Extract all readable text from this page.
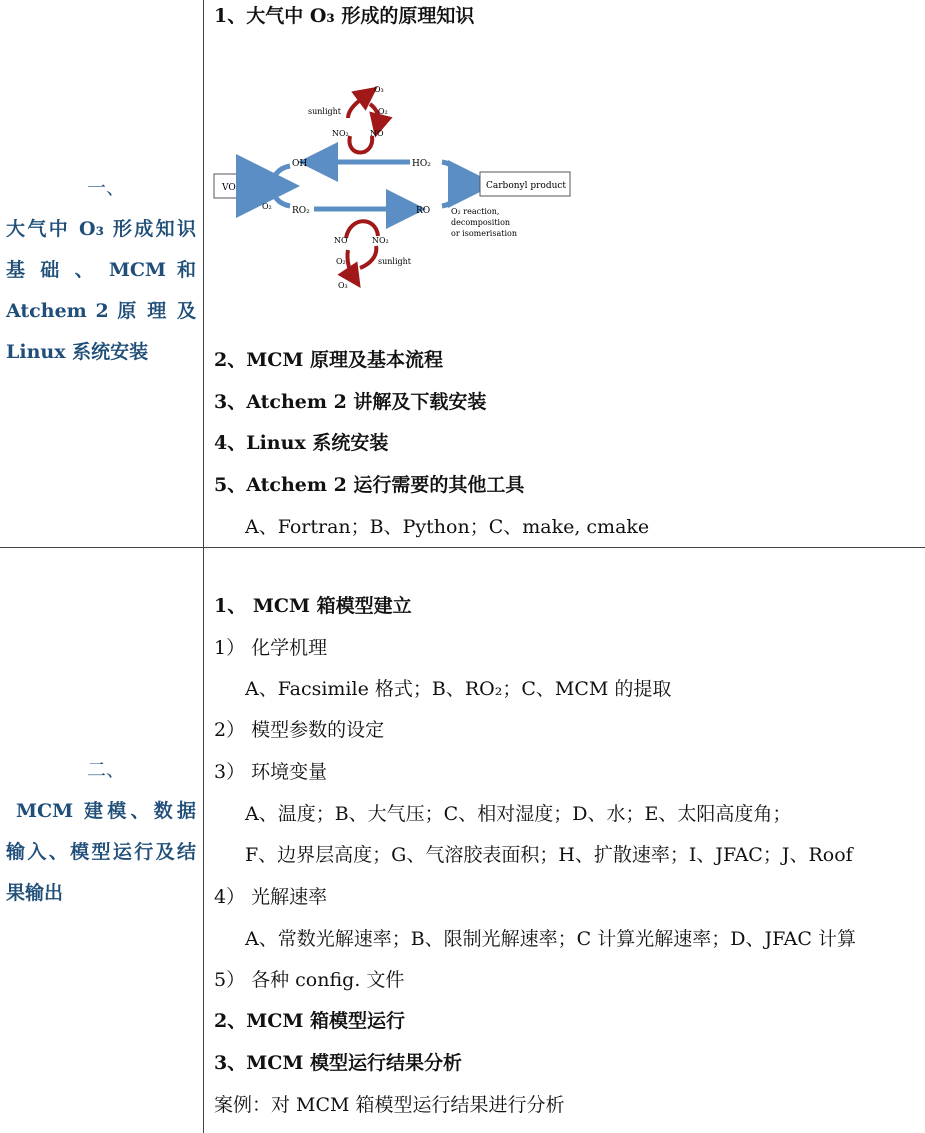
一、
大气中 O₃ 形成知识
基 础 、 MCM 和
Atchem 2 原 理 及
Linux 系统安装
1、大气中 O₃ 形成的原理知识
VOC
OH	HO₂
O₂ RO₂	RO
Carbonyl product
O₂ reaction,
decomposition
or isomerisation
sunlight
O₃
O₂
NO₂	NO
NO	NO₂
O₂	sunlight
O₃
2、MCM 原理及基本流程
3、Atchem 2 讲解及下载安装
4、Linux 系统安装
5、Atchem 2 运行需要的其他工具
A、Fortran；B、Python；C、make, cmake
二、
MCM 建模、数据
输入、模型运行及结
果输出
1、 MCM 箱模型建立
1） 化学机理
A、Facsimile 格式；B、RO₂；C、MCM 的提取
2） 模型参数的设定
3） 环境变量
A、温度；B、大气压；C、相对湿度；D、水；E、太阳高度角；
F、边界层高度；G、气溶胶表面积；H、扩散速率；I、JFAC；J、Roof
4） 光解速率
A、常数光解速率；B、限制光解速率；C 计算光解速率；D、JFAC 计算
5） 各种 config. 文件
2、MCM 箱模型运行
3、MCM 模型运行结果分析
案例：对 MCM 箱模型运行结果进行分析
